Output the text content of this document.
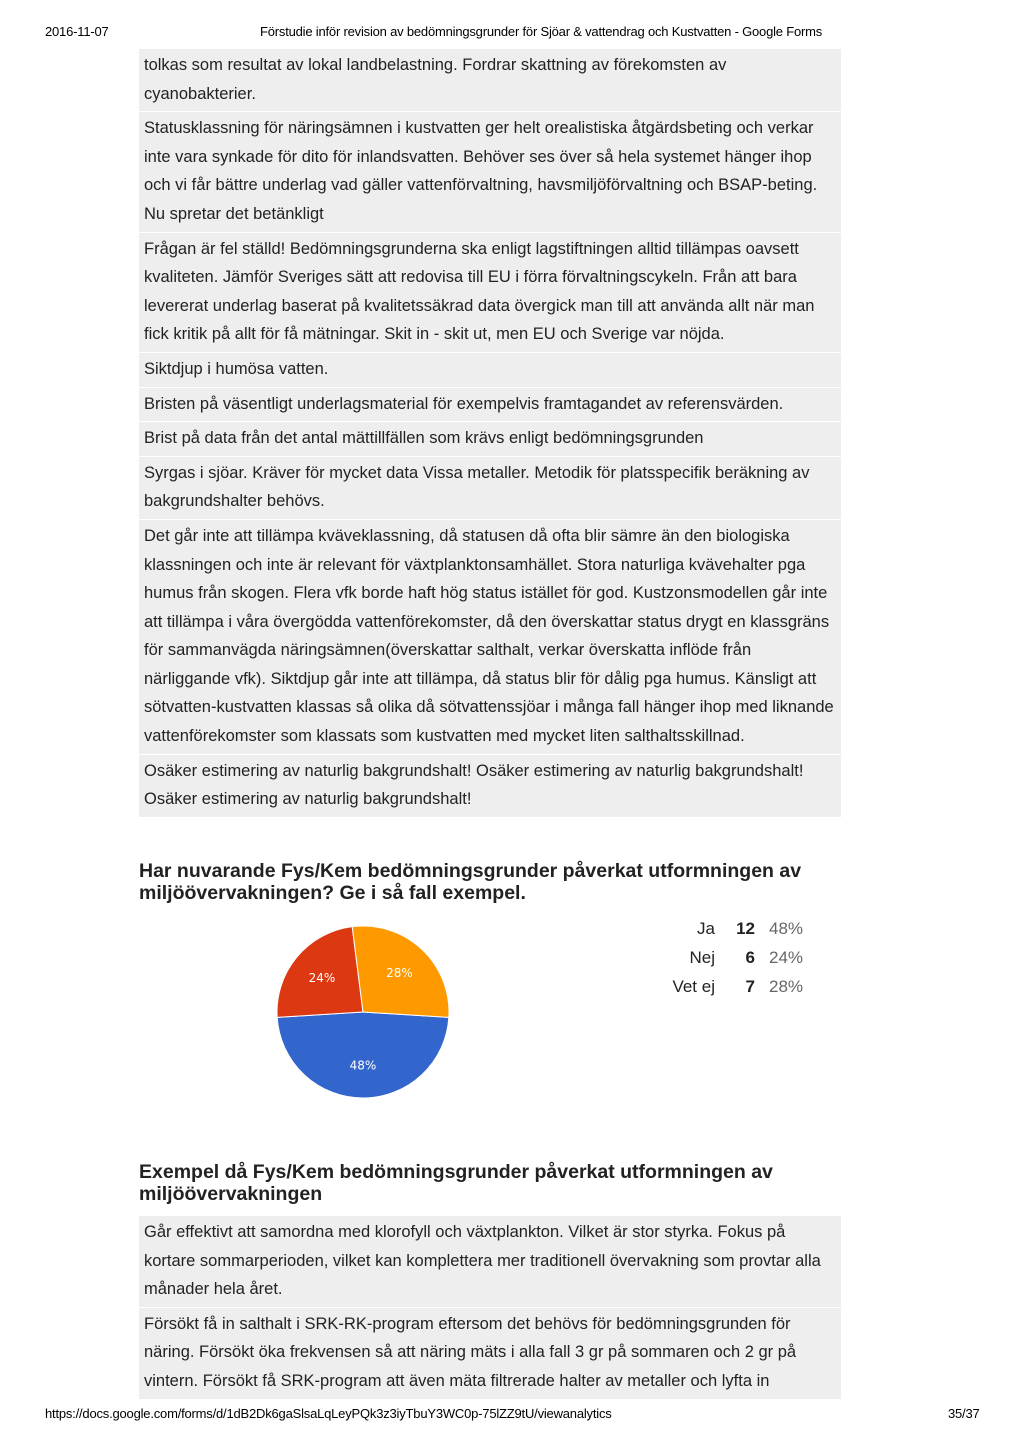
2016-11-07	Förstudie inför revision av bedömningsgrunder för Sjöar & vattendrag och Kustvatten - Google Forms
tolkas som resultat av lokal landbelastning. Fordrar skattning av förekomsten av cyanobakterier.
Statusklassning för näringsämnen i kustvatten ger helt orealistiska åtgärdsbeting och verkar inte vara synkade för dito för inlandsvatten. Behöver ses över så hela systemet hänger ihop och vi får bättre underlag vad gäller vattenförvaltning, havsmiljöförvaltning och BSAP-beting. Nu spretar det betänkligt
Frågan är fel ställd! Bedömningsgrunderna ska enligt lagstiftningen alltid tillämpas oavsett kvaliteten. Jämför Sveriges sätt att redovisa till EU i förra förvaltningscykeln. Från att bara levererat underlag baserat på kvalitetssäkrad data övergick man till att använda allt när man fick kritik på allt för få mätningar. Skit in - skit ut, men EU och Sverige var nöjda.
Siktdjup i humösa vatten.
Bristen på väsentligt underlagsmaterial för exempelvis framtagandet av referensvärden.
Brist på data från det antal mättillfällen som krävs enligt bedömningsgrunden
Syrgas i sjöar. Kräver för mycket data Vissa metaller. Metodik för platsspecifik beräkning av bakgrundshalter behövs.
Det går inte att tillämpa kväveklassning, då statusen då ofta blir sämre än den biologiska klassningen och inte är relevant för växtplanktonsamhället. Stora naturliga kvävehalter pga humus från skogen. Flera vfk borde haft hög status istället för god. Kustzonsmodellen går inte att tillämpa i våra övergödda vattenförekomster, då den överskattar status drygt en klassgräns för sammanvägda näringsämnen(överskattar salthalt, verkar överskatta inflöde från närliggande vfk). Siktdjup går inte att tillämpa, då status blir för dålig pga humus. Känsligt att sötvatten-kustvatten klassas så olika då sötvattenssjöar i många fall hänger ihop med liknande vattenförekomster som klassats som kustvatten med mycket liten salthaltsskillnad.
Osäker estimering av naturlig bakgrundshalt! Osäker estimering av naturlig bakgrundshalt! Osäker estimering av naturlig bakgrundshalt!
Har nuvarande Fys/Kem bedömningsgrunder påverkat utformningen av miljöövervakningen? Ge i så fall exempel.
48%
24%	28%
Ja	12	48%
Nej	6	24%
Vet ej	7	28%
Exempel då Fys/Kem bedömningsgrunder påverkat utformningen av miljöövervakningen
Går effektivt att samordna med klorofyll och växtplankton. Vilket är stor styrka. Fokus på kortare sommarperioden, vilket kan komplettera mer traditionell övervakning som provtar alla månader hela året.
Försökt få in salthalt i SRK-RK-program eftersom det behövs för bedömningsgrunden för näring. Försökt öka frekvensen så att näring mäts i alla fall 3 gr på sommaren och 2 gr på vintern. Försökt få SRK-program att även mäta filtrerade halter av metaller och lyfta in
https://docs.google.com/forms/d/1dB2Dk6gaSlsaLqLeyPQk3z3iyTbuY3WC0p-75lZZ9tU/viewanalytics	35/37
